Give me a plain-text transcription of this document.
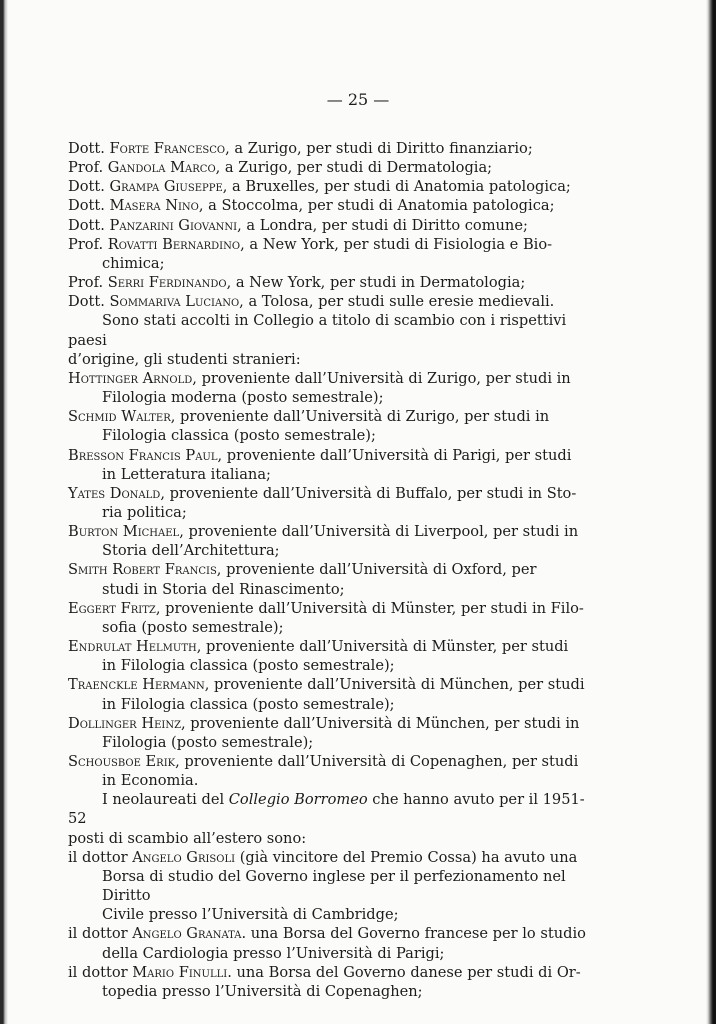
— 25 —
Dott. Forte Francesco, a Zurigo, per studi di Diritto finanziario;
Prof. Gandola Marco, a Zurigo, per studi di Dermatologia;
Dott. Grampa Giuseppe, a Bruxelles, per studi di Anatomia patologica;
Dott. Masera Nino, a Stoccolma, per studi di Anatomia patologica;
Dott. Panzarini Giovanni, a Londra, per studi di Diritto comune;
Prof. Rovatti Bernardino, a New York, per studi di Fisiologia e Bio-
chimica;
Prof. Serri Ferdinando, a New York, per studi in Dermatologia;
Dott. Sommariva Luciano, a Tolosa, per studi sulle eresie medievali.
Sono stati accolti in Collegio a titolo di scambio con i rispettivi paesi
d’origine, gli studenti stranieri:
Hottinger Arnold, proveniente dall’Università di Zurigo, per studi in
Filologia moderna (posto semestrale);
Schmid Walter, proveniente dall’Università di Zurigo, per studi in
Filologia classica (posto semestrale);
Bresson Francis Paul, proveniente dall’Università di Parigi, per studi
in Letteratura italiana;
Yates Donald, proveniente dall’Università di Buffalo, per studi in Sto-
ria politica;
Burton Michael, proveniente dall’Università di Liverpool, per studi in
Storia dell’Architettura;
Smith Robert Francis, proveniente dall’Università di Oxford, per
studi in Storia del Rinascimento;
Eggert Fritz, proveniente dall’Università di Münster, per studi in Filo-
sofia (posto semestrale);
Endrulat Helmuth, proveniente dall’Università di Münster, per studi
in Filologia classica (posto semestrale);
Traenckle Hermann, proveniente dall’Università di München, per studi
in Filologia classica (posto semestrale);
Dollinger Heinz, proveniente dall’Università di München, per studi in
Filologia (posto semestrale);
Schousboe Erik, proveniente dall’Università di Copenaghen, per studi
in Economia.
I neolaureati del Collegio Borromeo che hanno avuto per il 1951-52
posti di scambio all’estero sono:
il dottor Angelo Grisoli (già vincitore del Premio Cossa) ha avuto una
Borsa di studio del Governo inglese per il perfezionamento nel Diritto
Civile presso l’Università di Cambridge;
il dottor Angelo Granata. una Borsa del Governo francese per lo studio
della Cardiologia presso l’Università di Parigi;
il dottor Mario Finulli. una Borsa del Governo danese per studi di Or-
topedia presso l’Università di Copenaghen;
